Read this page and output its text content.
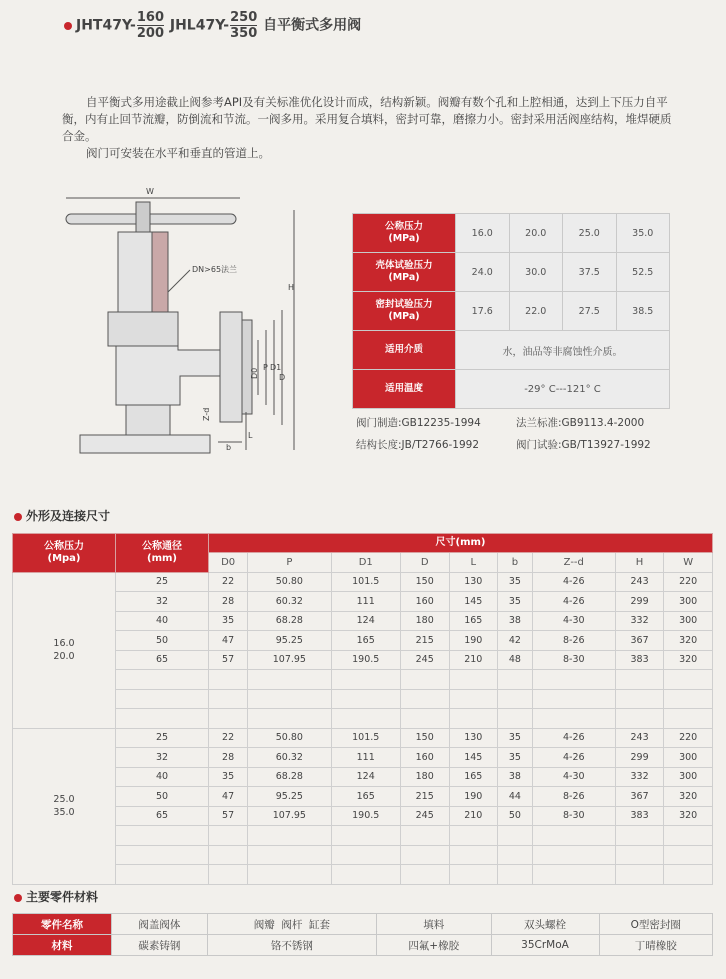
$JHT47Y- \frac{160}{200} JHL47Y- \frac{250}{350}$ 自平衡式多用阀

自平衡式多用途截止阀参考API及有关标准优化设计而成，结构新颖。阀瓣有数个孔和上腔相通，达到上下压力自平衡，内有止回节流瓣，防倒流和节流。一阀多用。采用复合填料，密封可靠，磨擦力小。密封采用活阀座结构，堆焊硬质合金。

阀门可安装在水平和垂直的管道上。

W
H
DN>65法兰
D0
P D1
D
L
b
Z-d
公称压力
(MPa)	16.0	20.0	25.0	35.0
壳体试验压力
(MPa)	24.0	30.0	37.5	52.5
密封试验压力
(MPa)	17.6	22.0	27.5	38.5
适用介质	水，油品等非腐蚀性介质。			
适用温度	-29° C---121° C			
阀门制造:GB12235-1994	法兰标准:GB9113.4-2000
结构长度:JB/T2766-1992	阀门试验:GB/T13927-1992
外形及连接尺寸
公称压力
(Mpa)	公称通径
(mm)	尺寸(mm)								
		D0	P	D1	D	L	b	Z--d	H	W
16.0
20.0	25	22	50.80	101.5	150	130	35	4-26	243	220
	32	28	60.32	111	160	145	35	4-26	299	300
	40	35	68.28	124	180	165	38	4-30	332	300
	50	47	95.25	165	215	190	42	8-26	367	320
	65	57	107.95	190.5	245	210	48	8-30	383	320

25.0
35.0	25	22	50.80	101.5	150	130	35	4-26	243	220
	32	28	60.32	111	160	145	35	4-26	299	300
	40	35	68.28	124	180	165	38	4-30	332	300
	50	47	95.25	165	215	190	44	8-26	367	320
	65	57	107.95	190.5	245	210	50	8-30	383	320

主要零件材料
零件名称	阀盖阀体	阀瓣  阀杆  缸套	填料	双头螺栓	O型密封圈
材料	碳素铸钢	铬不锈钢	四氟+橡胶	35CrMoA	丁晴橡胶
